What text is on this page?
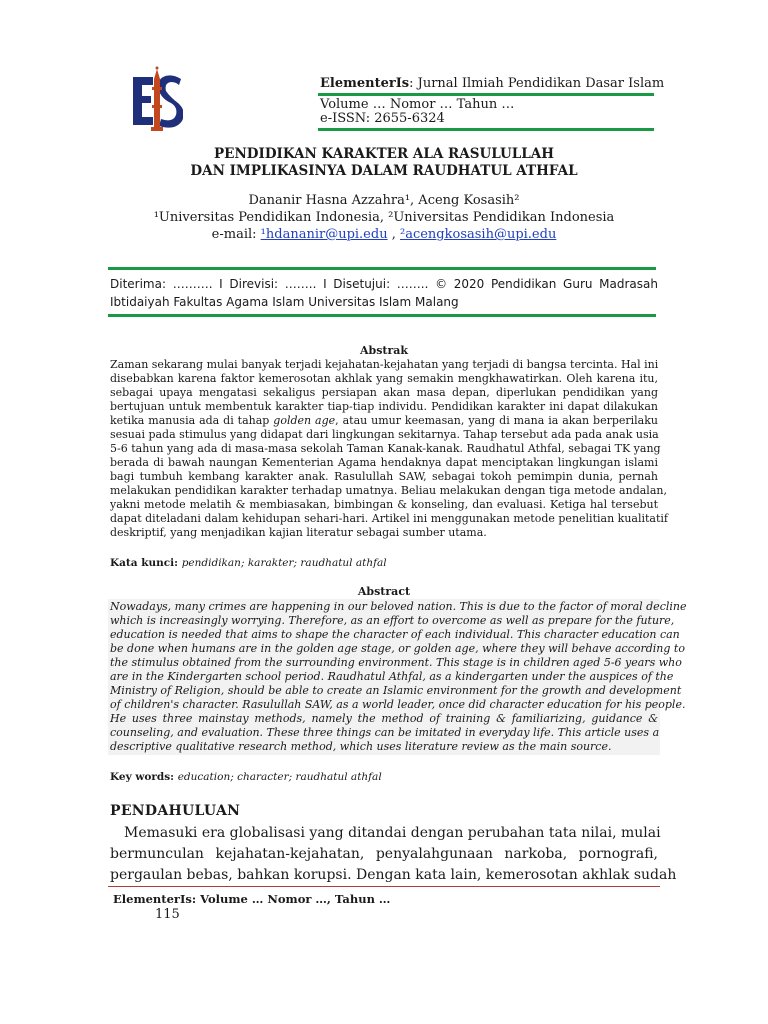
ElementerIs: Jurnal Ilmiah Pendidikan Dasar Islam
Volume … Nomor … Tahun …
e-ISSN: 2655-6324
PENDIDIKAN KARAKTER ALA RASULULLAH
DAN IMPLIKASINYA DALAM RAUDHATUL ATHFAL
Dananir Hasna Azzahra¹, Aceng Kosasih²
¹Universitas Pendidikan Indonesia, ²Universitas Pendidikan Indonesia
e-mail: ¹hdananir@upi.edu , ²acengkosasih@upi.edu
Diterima: ………. I Direvisi: …….. I Disetujui: …….. © 2020 Pendidikan Guru Madrasah
Ibtidaiyah Fakultas Agama Islam Universitas Islam Malang
Abstrak
Zaman sekarang mulai banyak terjadi kejahatan-kejahatan yang terjadi di bangsa tercinta. Hal ini
disebabkan karena faktor kemerosotan akhlak yang semakin mengkhawatirkan. Oleh karena itu,
sebagai upaya mengatasi sekaligus persiapan akan masa depan, diperlukan pendidikan yang
bertujuan untuk membentuk karakter tiap-tiap individu. Pendidikan karakter ini dapat dilakukan
ketika manusia ada di tahap golden age, atau umur keemasan, yang di mana ia akan berperilaku
sesuai pada stimulus yang didapat dari lingkungan sekitarnya. Tahap tersebut ada pada anak usia
5-6 tahun yang ada di masa-masa sekolah Taman Kanak-kanak. Raudhatul Athfal, sebagai TK yang
berada di bawah naungan Kementerian Agama hendaknya dapat menciptakan lingkungan islami
bagi tumbuh kembang karakter anak. Rasulullah SAW, sebagai tokoh pemimpin dunia, pernah
melakukan pendidikan karakter terhadap umatnya. Beliau melakukan dengan tiga metode andalan,
yakni metode melatih & membiasakan, bimbingan & konseling, dan evaluasi. Ketiga hal tersebut
dapat diteladani dalam kehidupan sehari-hari. Artikel ini menggunakan metode penelitian kualitatif
deskriptif, yang menjadikan kajian literatur sebagai sumber utama.
Kata kunci: pendidikan; karakter; raudhatul athfal
Abstract
Nowadays, many crimes are happening in our beloved nation. This is due to the factor of moral decline
which is increasingly worrying. Therefore, as an effort to overcome as well as prepare for the future,
education is needed that aims to shape the character of each individual. This character education can
be done when humans are in the golden age stage, or golden age, where they will behave according to
the stimulus obtained from the surrounding environment. This stage is in children aged 5-6 years who
are in the Kindergarten school period. Raudhatul Athfal, as a kindergarten under the auspices of the
Ministry of Religion, should be able to create an Islamic environment for the growth and development
of children's character. Rasulullah SAW, as a world leader, once did character education for his people.
He uses three mainstay methods, namely the method of training & familiarizing, guidance &
counseling, and evaluation. These three things can be imitated in everyday life. This article uses a
descriptive qualitative research method, which uses literature review as the main source.
Key words: education; character; raudhatul athfal
PENDAHULUAN
Memasuki era globalisasi yang ditandai dengan perubahan tata nilai, mulai
bermunculan kejahatan-kejahatan, penyalahgunaan narkoba, pornografi,
pergaulan bebas, bahkan korupsi. Dengan kata lain, kemerosotan akhlak sudah
ElementerIs: Volume … Nomor …, Tahun …
115
